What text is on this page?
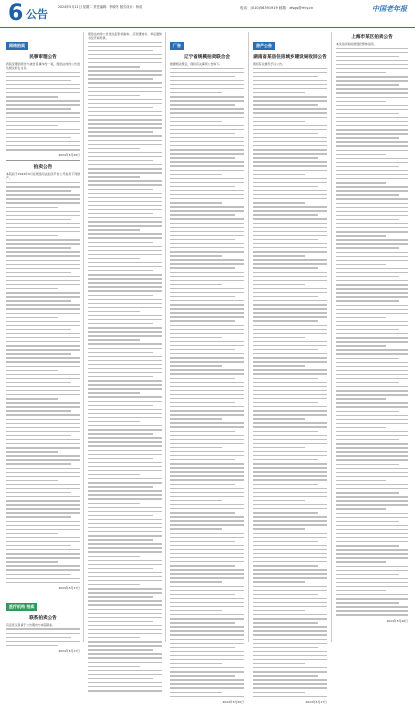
6 公告
2024年5月21日 星期二 责任编辑：李晓冬 版式设计：杨成	电话：(010)58391919 邮箱：zfsgs@rfcy.cn	中国老年报
网络拍卖
民事审理公告
我院受理的原告与被告民事纠纷一案，现依法向你公告送达相关诉讼文书。
2024年5月20日
拍卖公告
本院将于2024年6月在网络司法拍卖平台公开拍卖下列财产。
2024年5月17日
医疗机构 拍卖
联系拍卖公告
有意竞买者请于公告期内与本院联系。
2024年5月17日
现依法向你公告送达起诉状副本、应诉通知书、举证通知书及开庭传票。
厂告
辽宁省规模拍卖联合会
根据相关规定，现将有关事项公告如下。
2024年5月20日
房产公告
湖南省某县住房城乡建设局收回公告
现将有关情况予以公告。
2024年5月17日
上海市某区拍卖公告
本次拍卖标的按现状整体拍卖。
2024年5月20日
